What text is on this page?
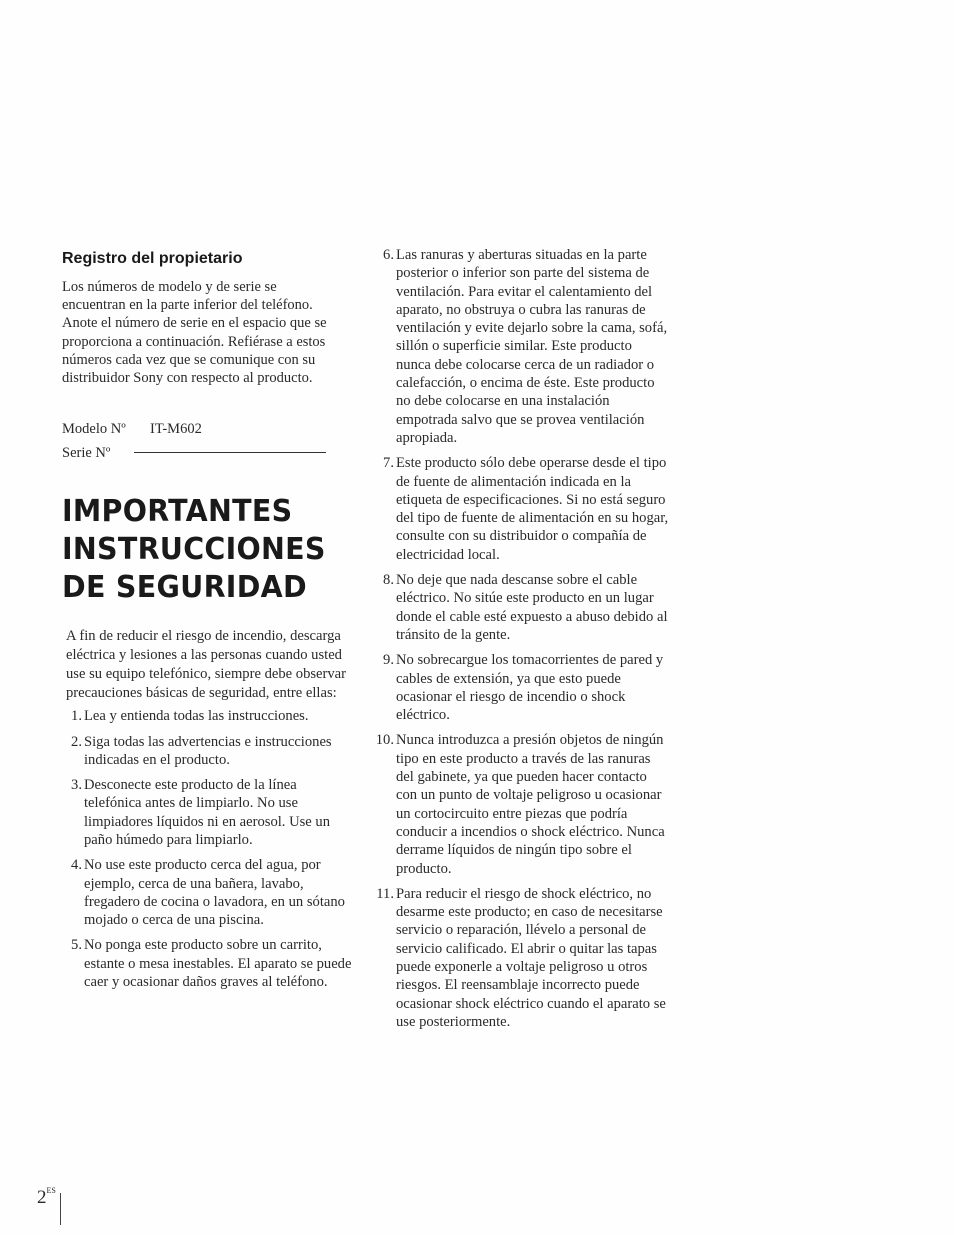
Registro del propietario

Los números de modelo y de serie se encuentran en la parte inferior del teléfono. Anote el número de serie en el espacio que se proporciona a continuación. Refiérase a estos números cada vez que se comunique con su distribuidor Sony con respecto al producto.

Modelo Nº	IT-M602
Serie Nº
IMPORTANTES
INSTRUCCIONES
DE SEGURIDAD

A fin de reducir el riesgo de incendio, descarga eléctrica y lesiones a las personas cuando usted use su equipo telefónico, siempre debe observar precauciones básicas de seguridad, entre ellas:

1. Lea y entienda todas las instrucciones.
2. Siga todas las advertencias e instrucciones indicadas en el producto.
3. Desconecte este producto de la línea telefónica antes de limpiarlo. No use limpiadores líquidos ni en aerosol. Use un paño húmedo para limpiarlo.
4. No use este producto cerca del agua, por ejemplo, cerca de una bañera, lavabo, fregadero de cocina o lavadora, en un sótano mojado o cerca de una piscina.
5. No ponga este producto sobre un carrito, estante o mesa inestables. El aparato se puede caer y ocasionar daños graves al teléfono.
6. Las ranuras y aberturas situadas en la parte posterior o inferior son parte del sistema de ventilación. Para evitar el calentamiento del aparato, no obstruya o cubra las ranuras de ventilación y evite dejarlo sobre la cama, sofá, sillón o superficie similar. Este producto nunca debe colocarse cerca de un radiador o calefacción, o encima de éste. Este producto no debe colocarse en una instalación empotrada salvo que se provea ventilación apropiada.
7. Este producto sólo debe operarse desde el tipo de fuente de alimentación indicada en la etiqueta de especificaciones. Si no está seguro del tipo de fuente de alimentación en su hogar, consulte con su distribuidor o compañía de electricidad local.
8. No deje que nada descanse sobre el cable eléctrico. No sitúe este producto en un lugar donde el cable esté expuesto a abuso debido al tránsito de la gente.
9. No sobrecargue los tomacorrientes de pared y cables de extensión, ya que esto puede ocasionar el riesgo de incendio o shock eléctrico.
10. Nunca introduzca a presión objetos de ningún tipo en este producto a través de las ranuras del gabinete, ya que pueden hacer contacto con un punto de voltaje peligroso u ocasionar un cortocircuito entre piezas que podría conducir a incendios o shock eléctrico. Nunca derrame líquidos de ningún tipo sobre el producto.
11. Para reducir el riesgo de shock eléctrico, no desarme este producto; en caso de necesitarse servicio o reparación, llévelo a personal de servicio calificado. El abrir o quitar las tapas puede exponerle a voltaje peligroso u otros riesgos. El reensamblaje incorrecto puede ocasionar shock eléctrico cuando el aparato se use posteriormente.
$2^{ES}$
